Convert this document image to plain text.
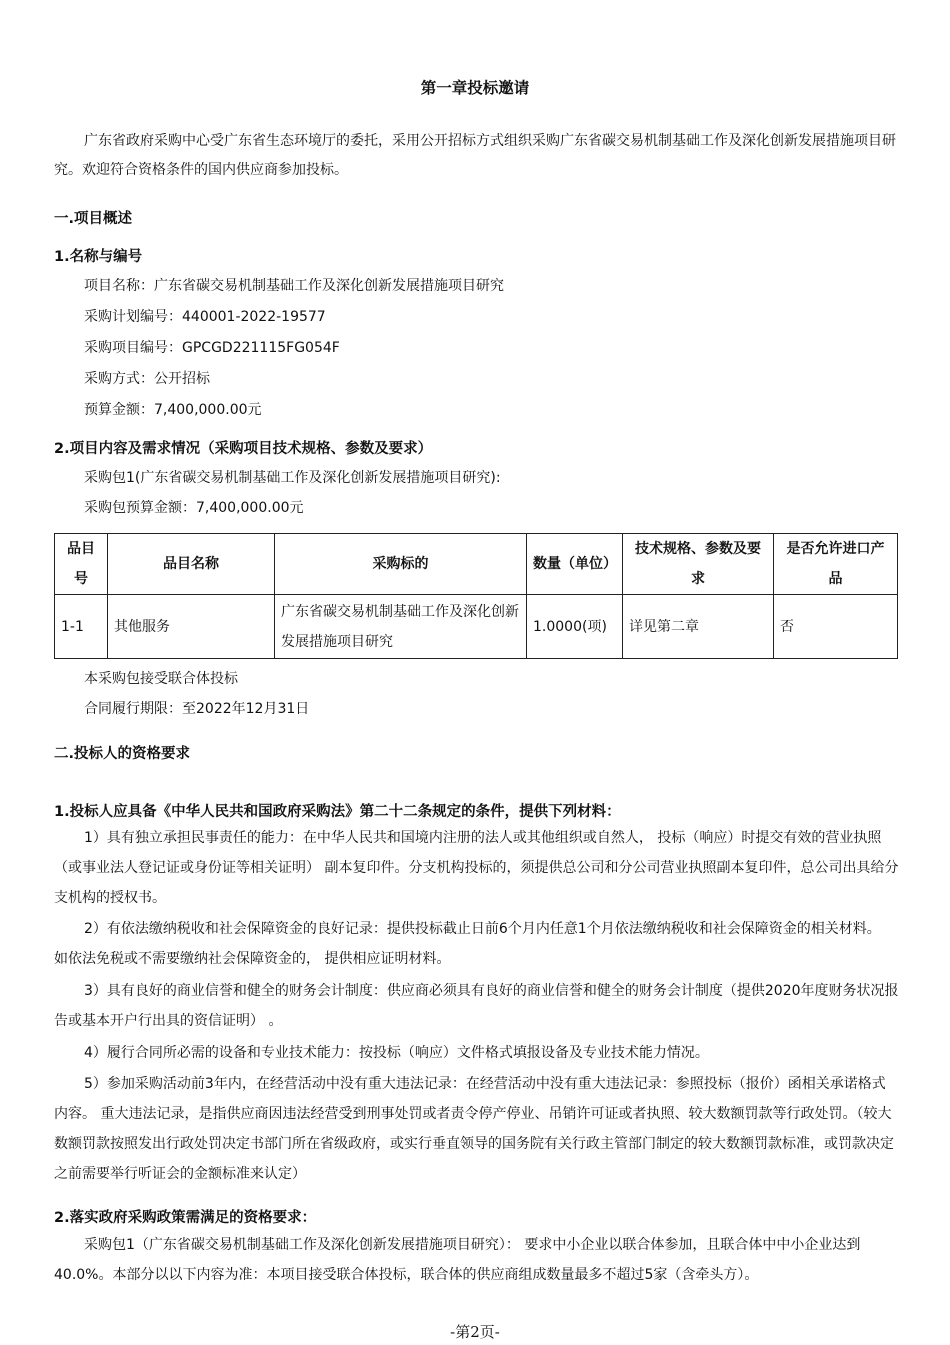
第一章投标邀请
广东省政府采购中心受广东省生态环境厅的委托，采用公开招标方式组织采购广东省碳交易机制基础工作及深化创新发展措施项目研究。欢迎符合资格条件的国内供应商参加投标。
一.项目概述
1.名称与编号
项目名称：广东省碳交易机制基础工作及深化创新发展措施项目研究
采购计划编号：440001-2022-19577
采购项目编号：GPCGD221115FG054F
采购方式：公开招标
预算金额：7,400,000.00元
2.项目内容及需求情况（采购项目技术规格、参数及要求）
采购包1(广东省碳交易机制基础工作及深化创新发展措施项目研究):
采购包预算金额：7,400,000.00元
品目号	品目名称	采购标的	数量（单位）	技术规格、参数及要求	是否允许进口产品
1-1	其他服务	广东省碳交易机制基础工作及深化创新发展措施项目研究	1.0000(项)	详见第二章	否
本采购包接受联合体投标
合同履行期限：至2022年12月31日
二.投标人的资格要求
1.投标人应具备《中华人民共和国政府采购法》第二十二条规定的条件，提供下列材料：
1）具有独立承担民事责任的能力：在中华人民共和国境内注册的法人或其他组织或自然人， 投标（响应）时提交有效的营业执照（或事业法人登记证或身份证等相关证明） 副本复印件。分支机构投标的，须提供总公司和分公司营业执照副本复印件，总公司出具给分支机构的授权书。
2）有依法缴纳税收和社会保障资金的良好记录：提供投标截止日前6个月内任意1个月依法缴纳税收和社会保障资金的相关材料。 如依法免税或不需要缴纳社会保障资金的， 提供相应证明材料。
3）具有良好的商业信誉和健全的财务会计制度：供应商必须具有良好的商业信誉和健全的财务会计制度（提供2020年度财务状况报告或基本开户行出具的资信证明） 。
4）履行合同所必需的设备和专业技术能力：按投标（响应）文件格式填报设备及专业技术能力情况。
5）参加采购活动前3年内，在经营活动中没有重大违法记录：在经营活动中没有重大违法记录：参照投标（报价）函相关承诺格式内容。 重大违法记录，是指供应商因违法经营受到刑事处罚或者责令停产停业、吊销许可证或者执照、较大数额罚款等行政处罚。（较大数额罚款按照发出行政处罚决定书部门所在省级政府，或实行垂直领导的国务院有关行政主管部门制定的较大数额罚款标准，或罚款决定之前需要举行听证会的金额标准来认定）
2.落实政府采购政策需满足的资格要求：
采购包1（广东省碳交易机制基础工作及深化创新发展措施项目研究）： 要求中小企业以联合体参加，且联合体中中小企业达到40.0%。本部分以以下内容为准：本项目接受联合体投标，联合体的供应商组成数量最多不超过5家（含牵头方）。
-第2页-
